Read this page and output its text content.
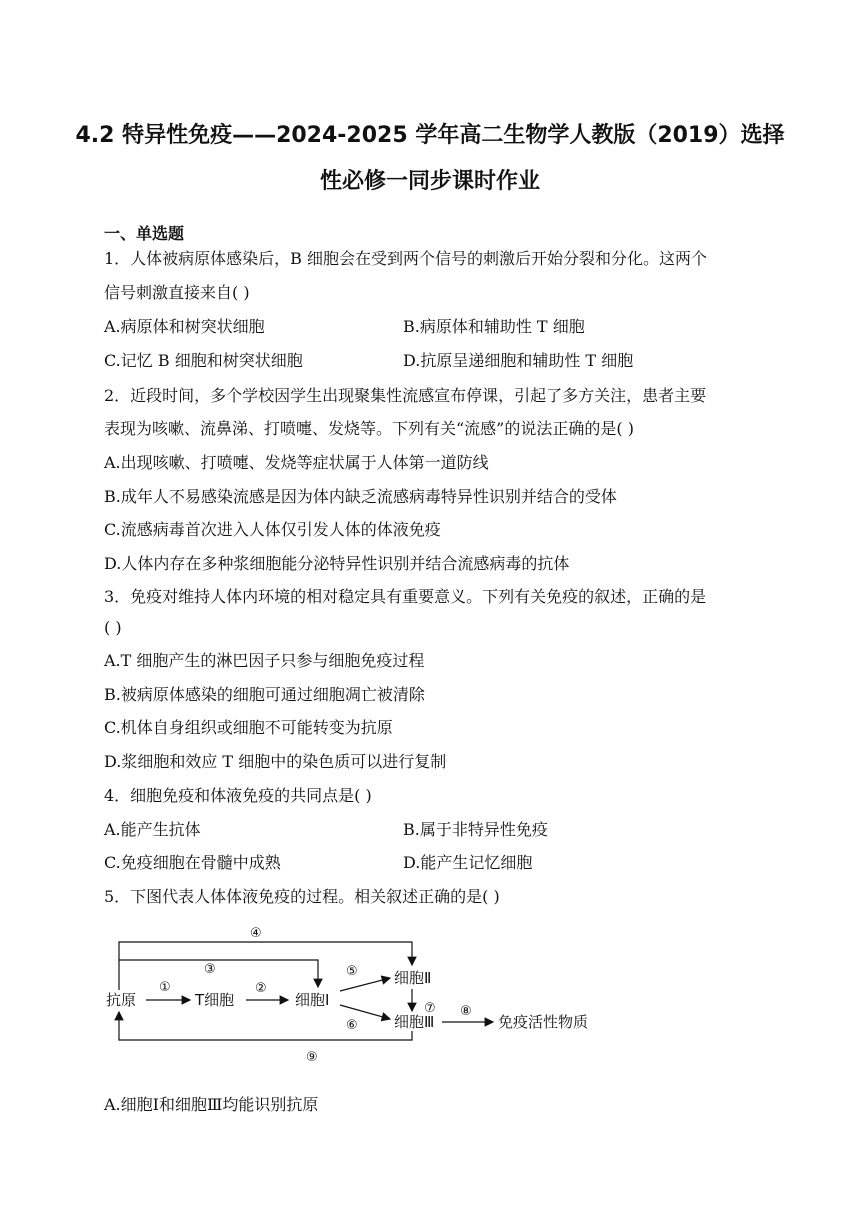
4.2 特异性免疫——2024-2025 学年高二生物学人教版（2019）选择
性必修一同步课时作业
一、单选题
1．人体被病原体感染后，B 细胞会在受到两个信号的刺激后开始分裂和分化。这两个
信号刺激直接来自( )
A.病原体和树突状细胞	B.病原体和辅助性 T 细胞
C.记忆 B 细胞和树突状细胞	D.抗原呈递细胞和辅助性 T 细胞
2．近段时间，多个学校因学生出现聚集性流感宣布停课，引起了多方关注，患者主要
表现为咳嗽、流鼻涕、打喷嚏、发烧等。下列有关“流感”的说法正确的是( )
A.出现咳嗽、打喷嚏、发烧等症状属于人体第一道防线
B.成年人不易感染流感是因为体内缺乏流感病毒特异性识别并结合的受体
C.流感病毒首次进入人体仅引发人体的体液免疫
D.人体内存在多种浆细胞能分泌特异性识别并结合流感病毒的抗体
3．免疫对维持人体内环境的相对稳定具有重要意义。下列有关免疫的叙述，正确的是
( )
A.T 细胞产生的淋巴因子只参与细胞免疫过程
B.被病原体感染的细胞可通过细胞凋亡被清除
C.机体自身组织或细胞不可能转变为抗原
D.浆细胞和效应 T 细胞中的染色质可以进行复制
4．细胞免疫和体液免疫的共同点是( )
A.能产生抗体	B.属于非特异性免疫
C.免疫细胞在骨髓中成熟	D.能产生记忆细胞
5．下图代表人体体液免疫的过程。相关叙述正确的是( )
抗原	T细胞	细胞Ⅰ
细胞Ⅱ
细胞Ⅲ	免疫活性物质
①	②
③
④
⑤
⑥
⑦ ⑧
⑨
A.细胞Ⅰ和细胞Ⅲ均能识别抗原
